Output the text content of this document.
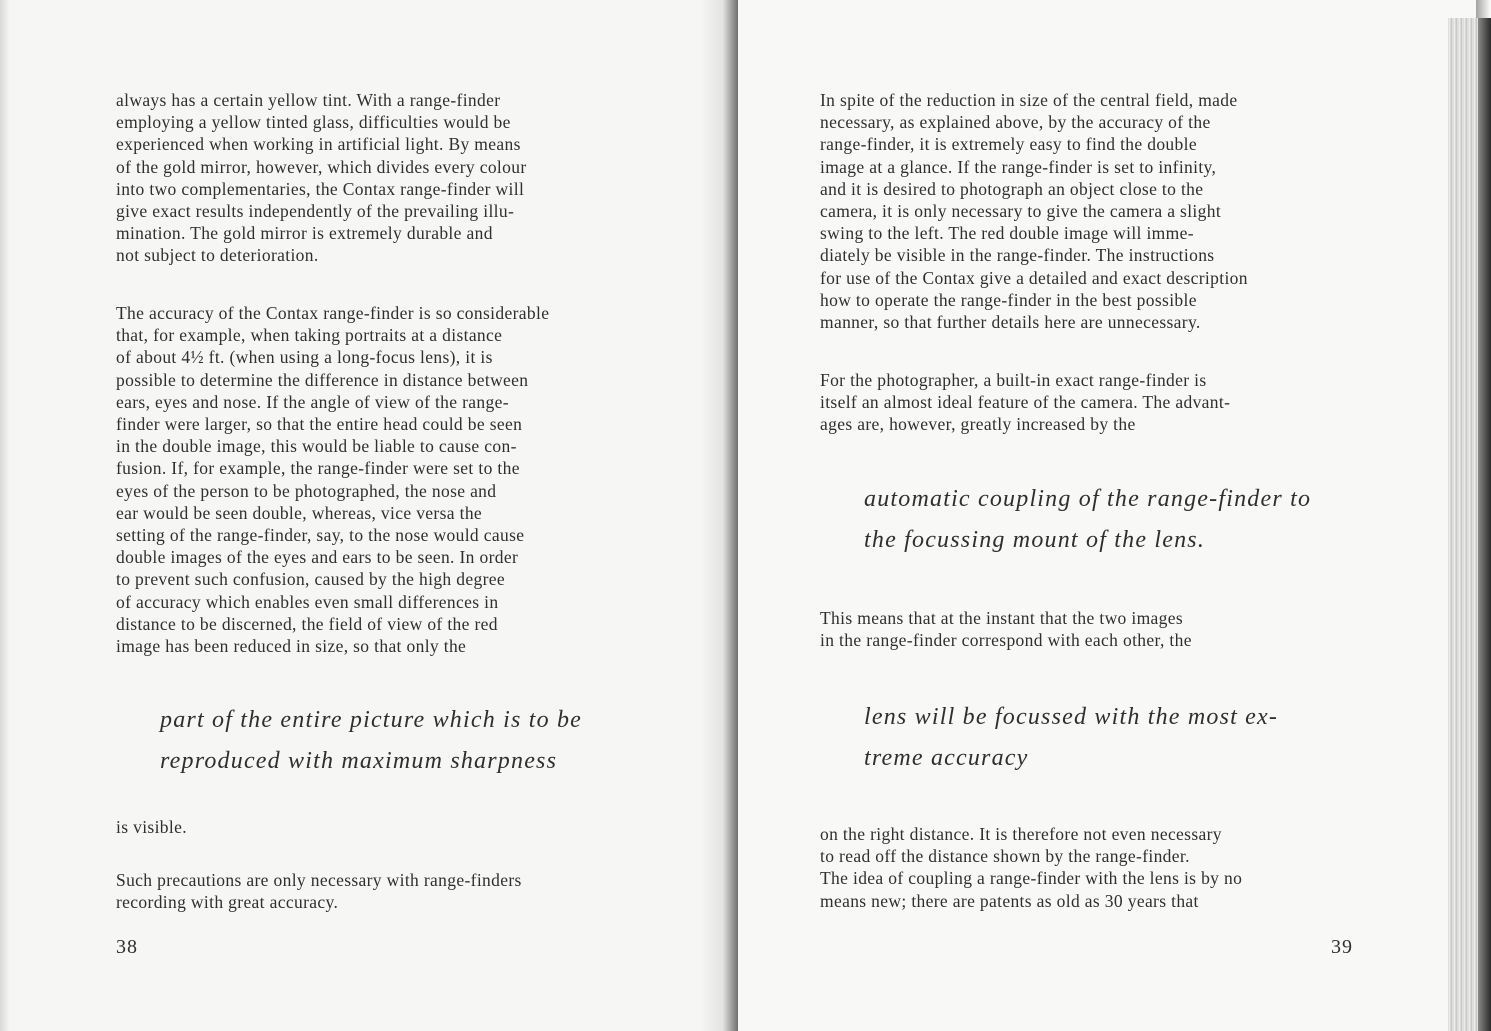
always has a certain yellow tint. With a range-finder
employing a yellow tinted glass, difficulties would be
experienced when working in artificial light. By means
of the gold mirror, however, which divides every colour
into two complementaries, the Contax range-finder will
give exact results independently of the prevailing illu-
mination. The gold mirror is extremely durable and
not subject to deterioration.

The accuracy of the Contax range-finder is so considerable
that, for example, when taking portraits at a distance
of about 4½ ft. (when using a long-focus lens), it is
possible to determine the difference in distance between
ears, eyes and nose. If the angle of view of the range-
finder were larger, so that the entire head could be seen
in the double image, this would be liable to cause con-
fusion. If, for example, the range-finder were set to the
eyes of the person to be photographed, the nose and
ear would be seen double, whereas, vice versa the
setting of the range-finder, say, to the nose would cause
double images of the eyes and ears to be seen. In order
to prevent such confusion, caused by the high degree
of accuracy which enables even small differences in
distance to be discerned, the field of view of the red
image has been reduced in size, so that only the

part of the entire picture which is to be
reproduced with maximum sharpness

is visible.

Such precautions are only necessary with range-finders
recording with great accuracy.

38

In spite of the reduction in size of the central field, made
necessary, as explained above, by the accuracy of the
range-finder, it is extremely easy to find the double
image at a glance. If the range-finder is set to infinity,
and it is desired to photograph an object close to the
camera, it is only necessary to give the camera a slight
swing to the left. The red double image will imme-
diately be visible in the range-finder. The instructions
for use of the Contax give a detailed and exact description
how to operate the range-finder in the best possible
manner, so that further details here are unnecessary.

For the photographer, a built-in exact range-finder is
itself an almost ideal feature of the camera. The advant-
ages are, however, greatly increased by the

automatic coupling of the range-finder to
the focussing mount of the lens.

This means that at the instant that the two images
in the range-finder correspond with each other, the

lens will be focussed with the most ex-
treme accuracy

on the right distance. It is therefore not even necessary
to read off the distance shown by the range-finder.
The idea of coupling a range-finder with the lens is by no
means new; there are patents as old as 30 years that

39
